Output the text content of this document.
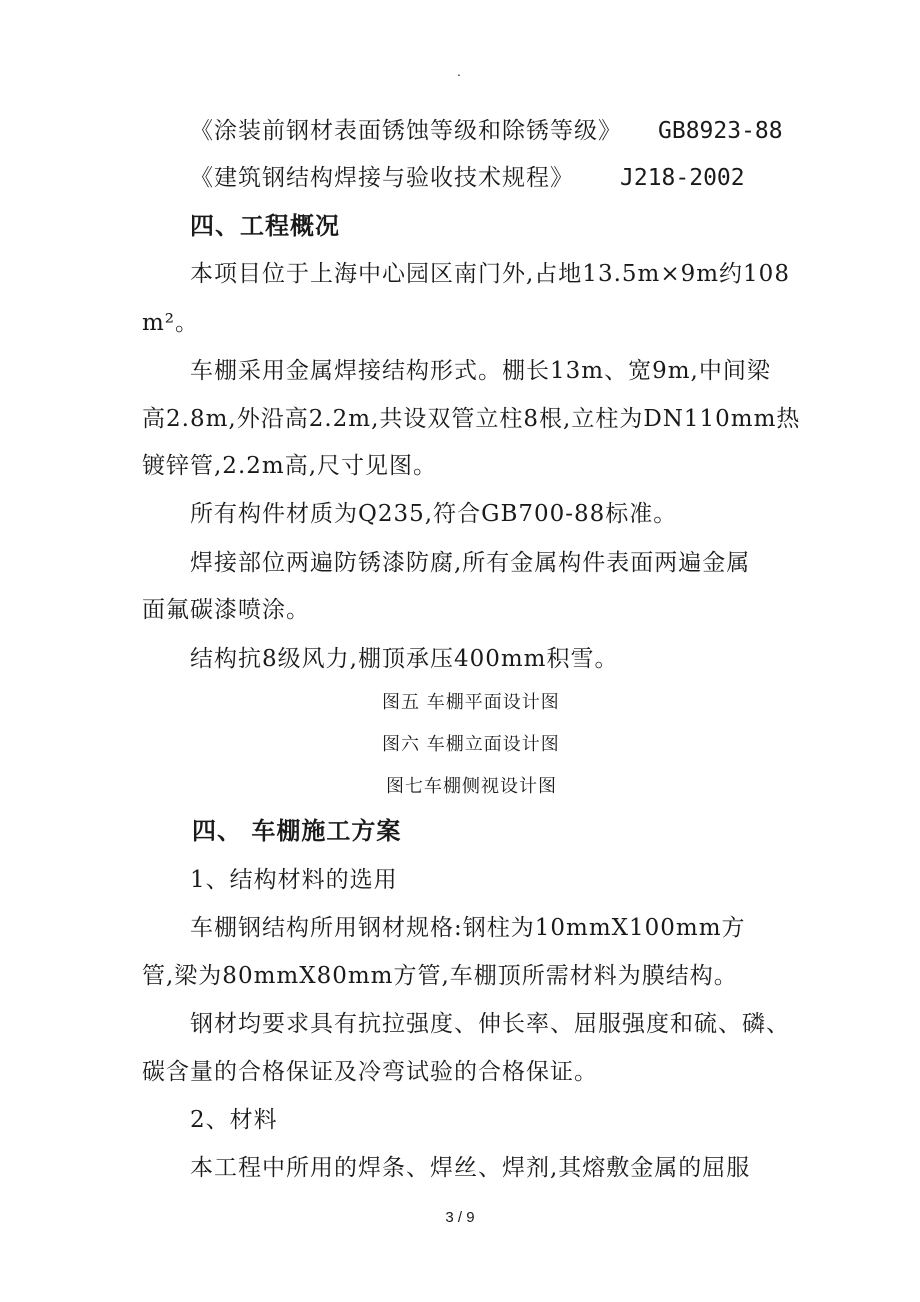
.
《涂装前钢材表面锈蚀等级和除锈等级》 GB8923-88
《建筑钢结构焊接与验收技术规程》 J218-2002
四、工程概况
本项目位于上海中心园区南门外,占地13.5m×9m约108
m²。
车棚采用金属焊接结构形式。棚长13m、宽9m,中间梁
高2.8m,外沿高2.2m,共设双管立柱8根,立柱为DN110mm热
镀锌管,2.2m高,尺寸见图。
所有构件材质为Q235,符合GB700-88标准。
焊接部位两遍防锈漆防腐,所有金属构件表面两遍金属
面氟碳漆喷涂。
结构抗8级风力,棚顶承压400mm积雪。
图五 车棚平面设计图
图六 车棚立面设计图
图七车棚侧视设计图
四、 车棚施工方案
1、结构材料的选用
车棚钢结构所用钢材规格:钢柱为10mmX100mm方
管,梁为80mmX80mm方管,车棚顶所需材料为膜结构。
钢材均要求具有抗拉强度、伸长率、屈服强度和硫、磷、
碳含量的合格保证及冷弯试验的合格保证。
2、材料
本工程中所用的焊条、焊丝、焊剂,其熔敷金属的屈服
3 / 9
